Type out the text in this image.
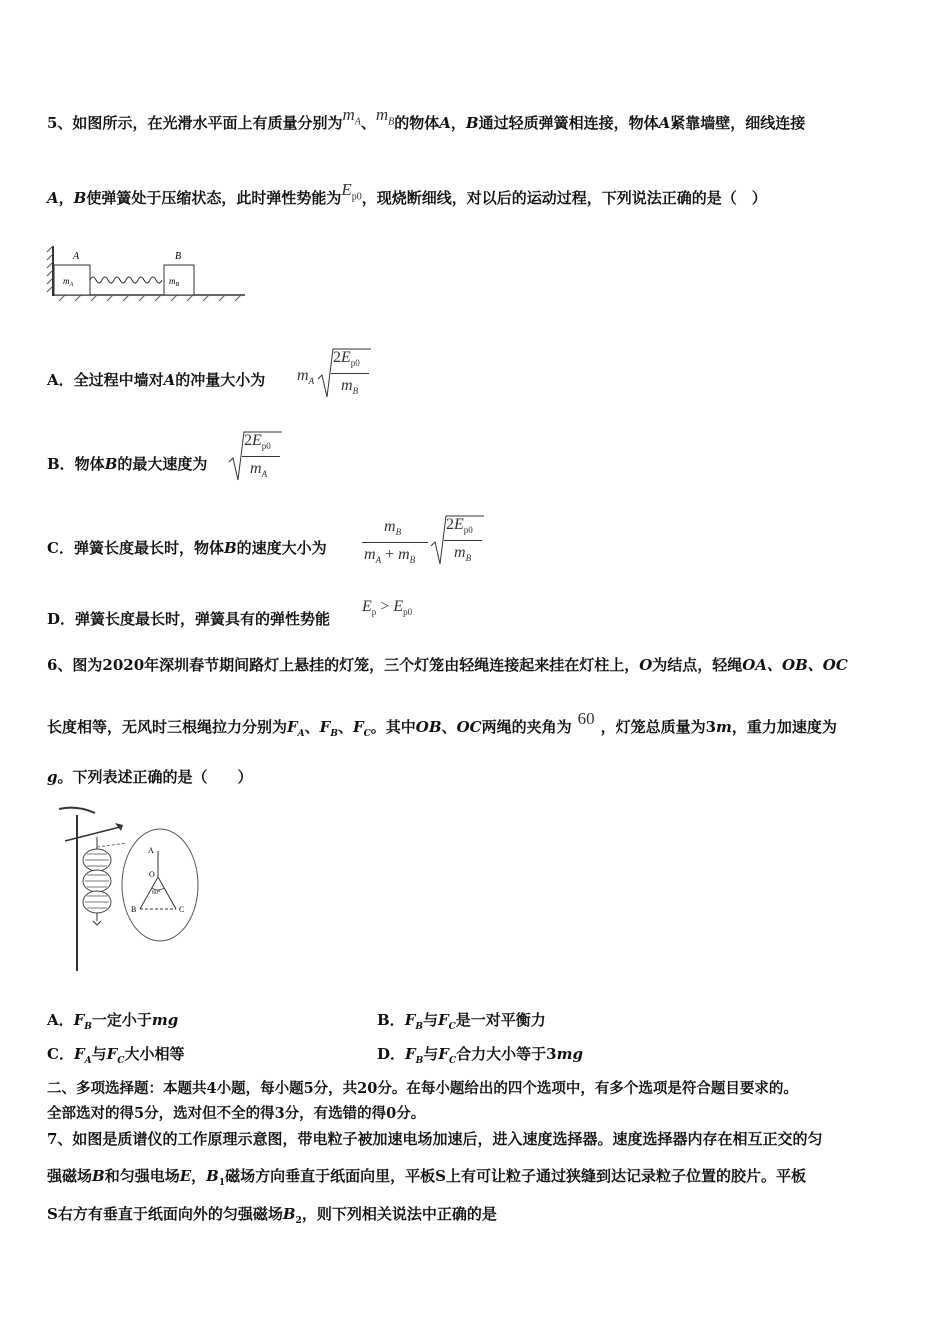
5、如图所示，在光滑水平面上有质量分别为$m_A$、$m_B$的物体A，B通过轻质弹簧相连接，物体A紧靠墙壁，细线连接
A，B使弹簧处于压缩状态，此时弹性势能为$E_{p0}$，现烧断细线，对以后的运动过程，下列说法正确的是（　）
A	B
$m_A$	$m_B$
A．全过程中墙对A的冲量大小为 $m_A$
$2E_{p0}$
$m_B$
B．物体B的最大速度为
$2E_{p0}$
$m_A$
C．弹簧长度最长时，物体B的速度大小为
$m_B$
$m_A + m_B$
$2E_{p0}$
$m_B$
D．弹簧长度最长时，弹簧具有的弹性势能
$E_p > E_{p0}$
6、图为2020年深圳春节期间路灯上悬挂的灯笼，三个灯笼由轻绳连接起来挂在灯柱上，O为结点，轻绳OA、OB、OC
长度相等，无风时三根绳拉力分别为$F_A$、$F_B$、$F_C$。其中OB、OC两绳的夹角为 60 ，灯笼总质量为3m，重力加速度为
g。下列表述正确的是（　　）
A
O
60°
B	C
A．$F_B$一定小于mg	B．$F_B$与$F_C$是一对平衡力
C．$F_A$与$F_C$大小相等	D．$F_B$与$F_C$合力大小等于3mg
二、多项选择题：本题共4小题，每小题5分，共20分。在每小题给出的四个选项中，有多个选项是符合题目要求的。
全部选对的得5分，选对但不全的得3分，有选错的得0分。
7、如图是质谱仪的工作原理示意图，带电粒子被加速电场加速后，进入速度选择器。速度选择器内存在相互正交的匀
强磁场B和匀强电场E，$B_1$磁场方向垂直于纸面向里，平板S上有可让粒子通过狭缝到达记录粒子位置的胶片。平板
S右方有垂直于纸面向外的匀强磁场$B_2$，则下列相关说法中正确的是
